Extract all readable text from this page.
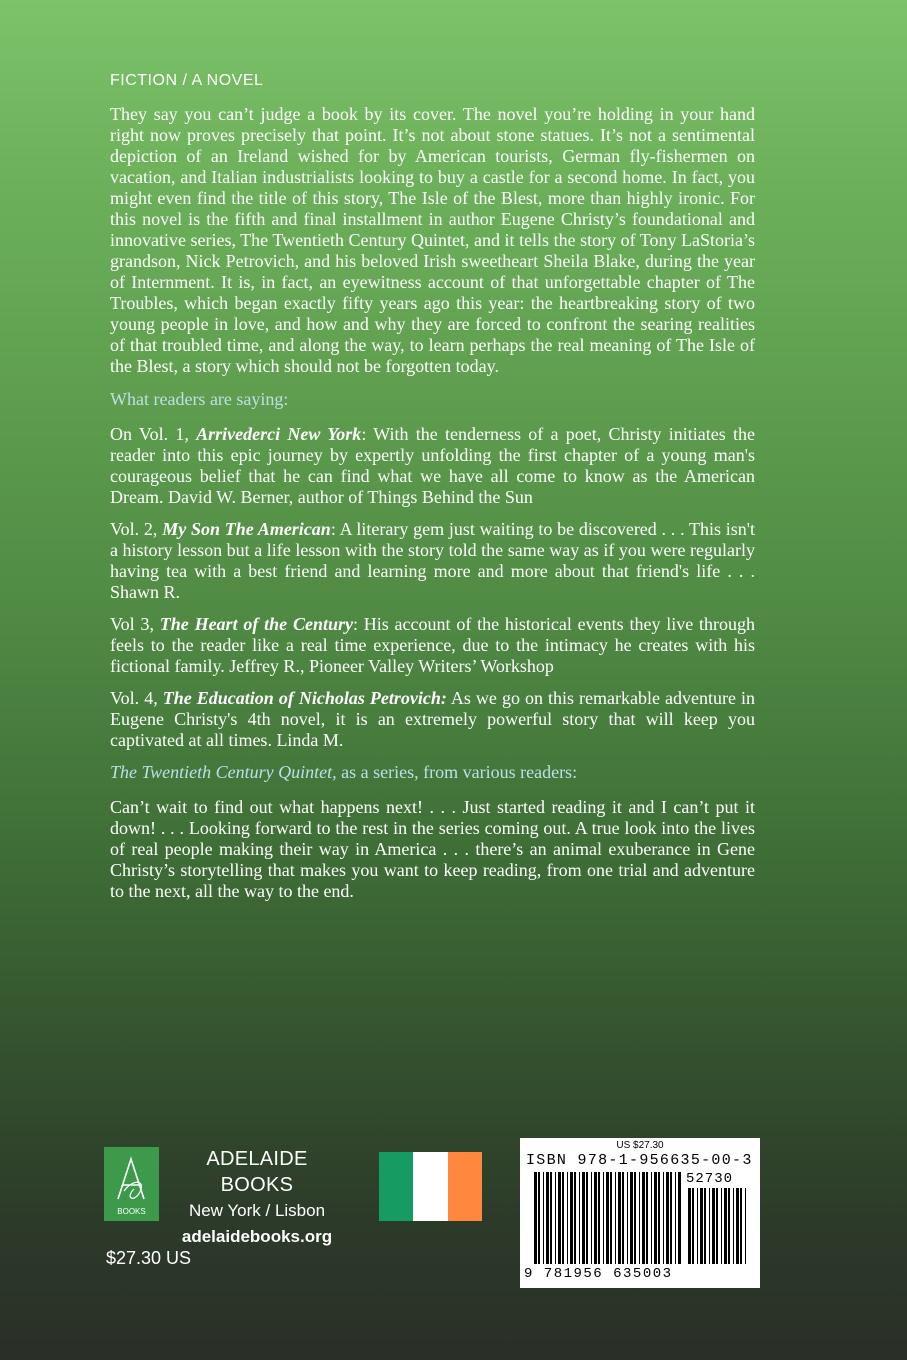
FICTION / A NOVEL

They say you can’t judge a book by its cover. The novel you’re holding in your hand right now proves precisely that point. It’s not about stone statues. It’s not a sentimental depiction of an Ireland wished for by American tourists, German fly-fishermen on vacation, and Italian industrialists looking to buy a castle for a second home. In fact, you might even find the title of this story, The Isle of the Blest, more than highly ironic. For this novel is the fifth and final installment in author Eugene Christy’s foundational and innovative series, The Twentieth Century Quintet, and it tells the story of Tony LaStoria’s grandson, Nick Petrovich, and his beloved Irish sweetheart Sheila Blake, during the year of Internment. It is, in fact, an eyewitness account of that unforgettable chapter of The Troubles, which began exactly fifty years ago this year: the heartbreaking story of two young people in love, and how and why they are forced to confront the searing realities of that troubled time, and along the way, to learn perhaps the real meaning of The Isle of the Blest, a story which should not be forgotten today.

What readers are saying:

On Vol. 1, Arrivederci New York: With the tenderness of a poet, Christy initiates the reader into this epic journey by expertly unfolding the first chapter of a young man's courageous belief that he can find what we have all come to know as the American Dream. David W. Berner, author of Things Behind the Sun

Vol. 2, My Son The American: A literary gem just waiting to be discovered . . . This isn't a history lesson but a life lesson with the story told the same way as if you were regularly having tea with a best friend and learning more and more about that friend's life . . . Shawn R.

Vol 3, The Heart of the Century: His account of the historical events they live through feels to the reader like a real time experience, due to the intimacy he creates with his fictional family. Jeffrey R., Pioneer Valley Writers’ Workshop

Vol. 4, The Education of Nicholas Petrovich: As we go on this remarkable adventure in Eugene Christy's 4th novel, it is an extremely powerful story that will keep you captivated at all times. Linda M.

The Twentieth Century Quintet, as a series, from various readers:

Can’t wait to find out what happens next! . . . Just started reading it and I can’t put it down! . . . Looking forward to the rest in the series coming out. A true look into the lives of real people making their way in America . . . there’s an animal exuberance in Gene Christy’s storytelling that makes you want to keep reading, from one trial and adventure to the next, all the way to the end.

BOOKS
ADELAIDE BOOKS
New York / Lisbon
adelaidebooks.org
$27.30 US
US $27.30
ISBN 978-1-956635-00-3
52730
9 781956 635003
